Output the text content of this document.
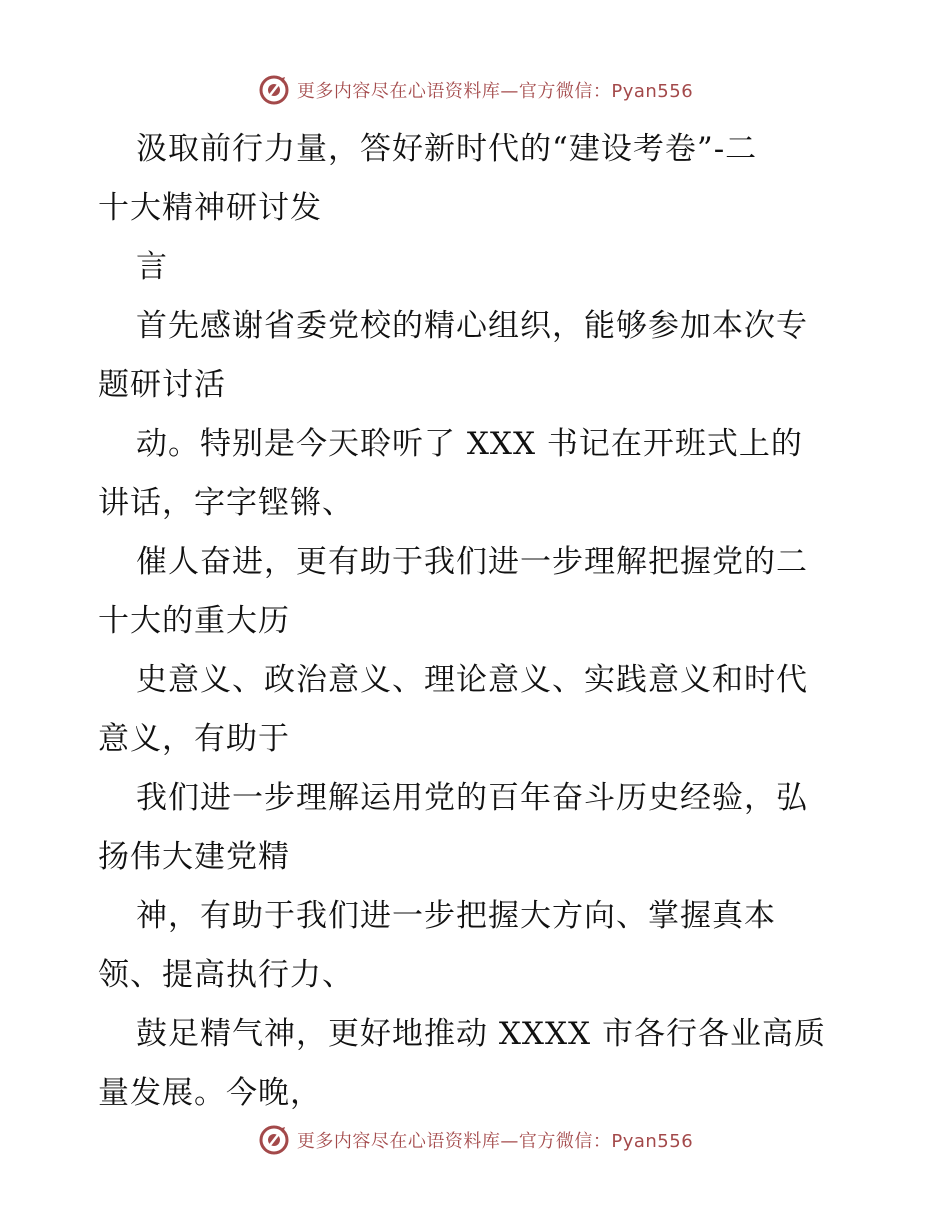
更多内容尽在心语资料库—官方微信：Pyan556
汲取前行力量，答好新时代的“建设考卷”-二
十大精神研讨发
言
首先感谢省委党校的精心组织，能够参加本次专
题研讨活
动。特别是今天聆听了 XXX 书记在开班式上的
讲话，字字铿锵、
催人奋进，更有助于我们进一步理解把握党的二
十大的重大历
史意义、政治意义、理论意义、实践意义和时代
意义，有助于
我们进一步理解运用党的百年奋斗历史经验，弘
扬伟大建党精
神，有助于我们进一步把握大方向、掌握真本
领、提高执行力、
鼓足精气神，更好地推动 XXXX 市各行各业高质
量发展。今晚，
更多内容尽在心语资料库—官方微信：Pyan556
